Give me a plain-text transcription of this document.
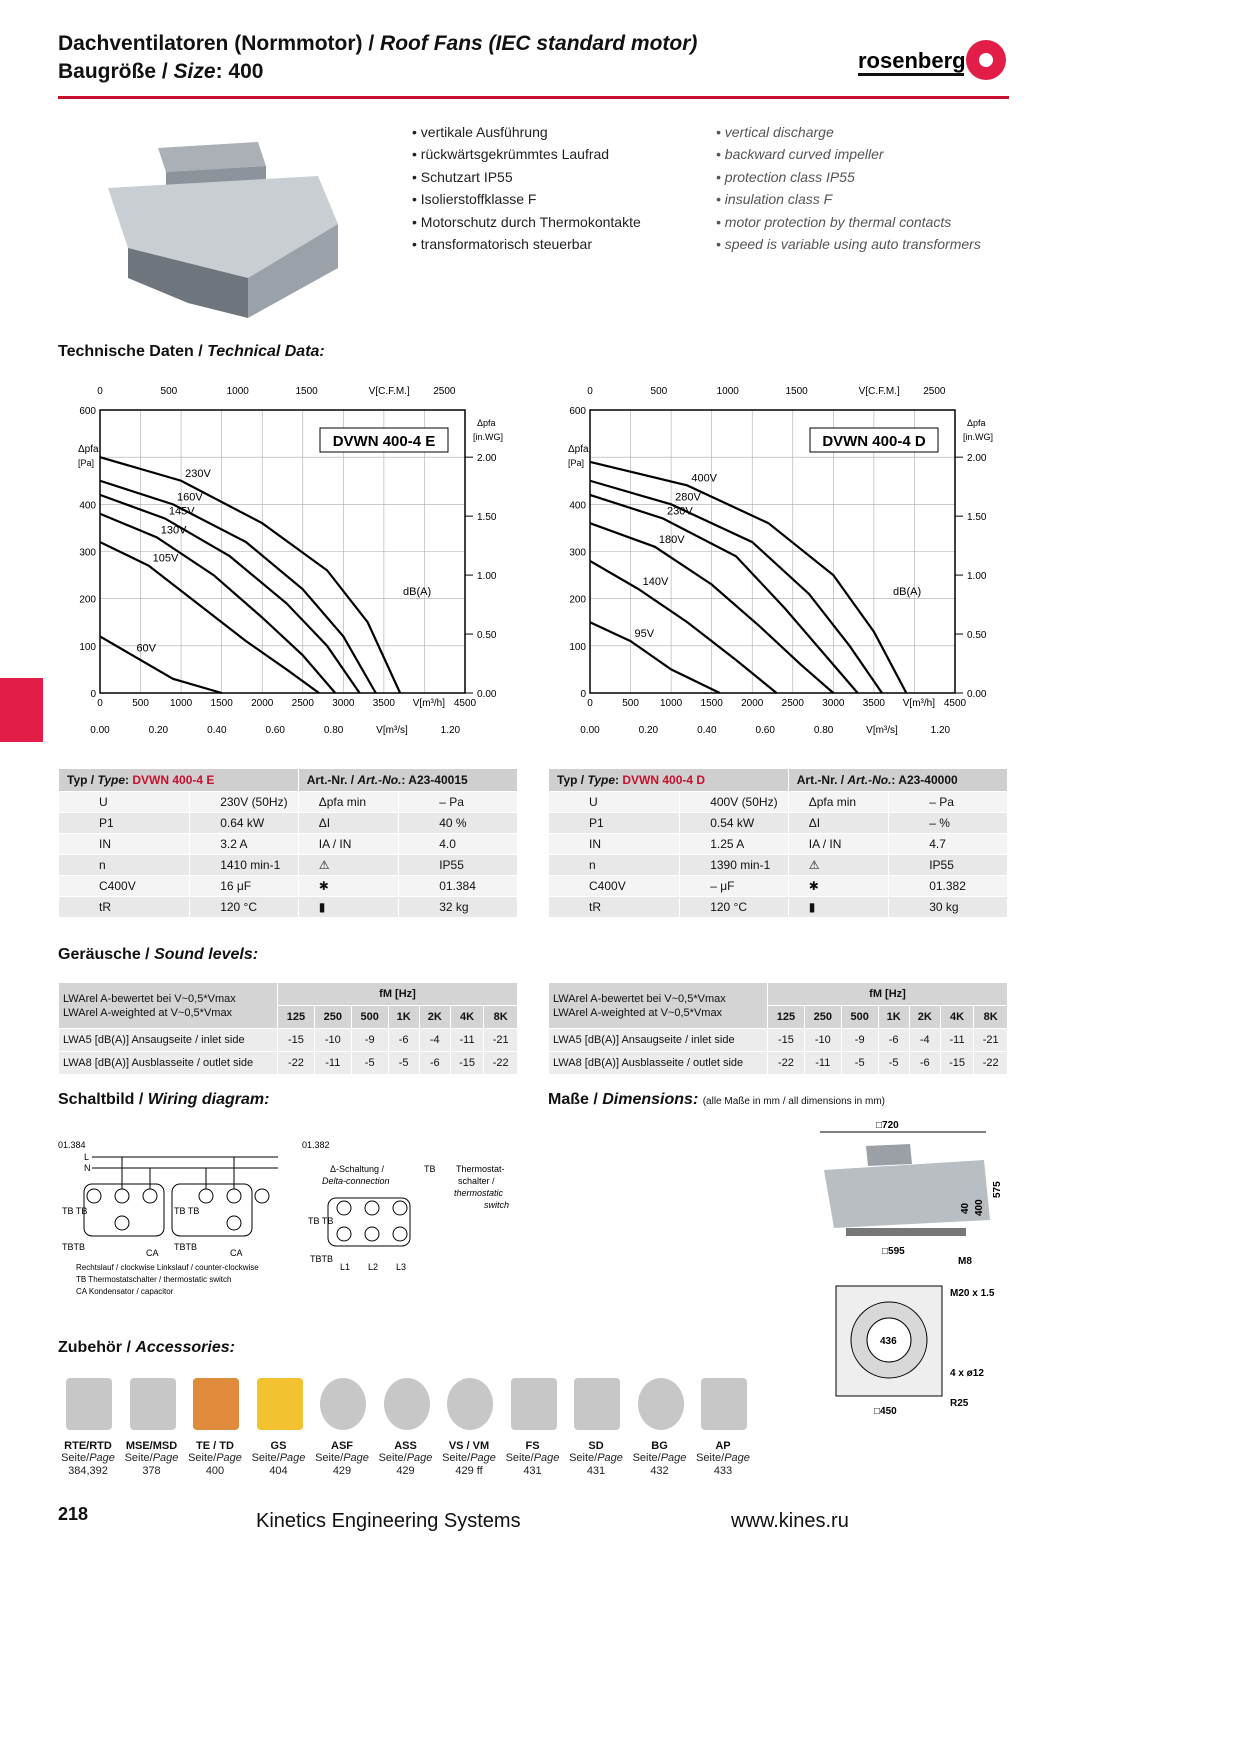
Dachventilatoren (Normmotor) / Roof Fans (IEC standard motor)
Baugröße / Size: 400	rosenberg
• vertikale Ausführung
• rückwärtsgekrümmtes Laufrad
• Schutzart IP55
• Isolierstoffklasse F
• Motorschutz durch Thermokontakte
• transformatorisch steuerbar
• vertical discharge
• backward curved impeller
• protection class IP55
• insulation class F
• motor protection by thermal contacts
• speed is variable using auto transformers
Technische Daten / Technical Data:
DVWN 400-4 E
0	500 1000 1500 2000 2500 3000 3500	4500
V[m³/h]
0	500	1000	1500	V[C.F.M.] 2500
0.00	0.20	0.40	0.60	0.80	V[m³/s]	1.20
0
100
200
300
400
600
Δpfa
[Pa]
0.00
0.50
1.00
1.50
2.00
Δpfa
[in.WG]
230V
160V
145V
130V
105V
60V
dB(A)
DVWN 400-4 D
0	500 1000 1500 2000 2500 3000 3500	4500
V[m³/h]
0	500	1000	1500	V[C.F.M.] 2500
0.00	0.20	0.40	0.60	0.80	V[m³/s]	1.20
0
100
200
300
400
600
Δpfa
[Pa]
0.00
0.50
1.00
1.50
2.00
Δpfa
[in.WG]
400V
280V
230V
180V
140V
95V
dB(A)
Typ / Type: DVWN 400-4 E		Art.-Nr. / Art.-No.: A23-40015	
U	230V (50Hz)	Δpfa min	– Pa
P1	0.64 kW	ΔI	40 %
IN	3.2 A	IA / IN	4.0
n	1410 min-1	⚠	IP55
C400V	16 μF	✱	01.384
tR	120 °C	▮	32 kg
Typ / Type: DVWN 400-4 D		Art.-Nr. / Art.-No.: A23-40000	
U	400V (50Hz)	Δpfa min	– Pa
P1	0.54 kW	ΔI	– %
IN	1.25 A	IA / IN	4.7
n	1390 min-1	⚠	IP55
C400V	– μF	✱	01.382
tR	120 °C	▮	30 kg
Geräusche / Sound levels:
LWArel A-bewertet bei V~0,5*Vmax
LWArel A-weighted at V~0,5*Vmax	fM [Hz]						
	125	250	500	1K	2K	4K	8K
LWA5 [dB(A)] Ansaugseite / inlet side	-15	-10	-9	-6	-4	-11	-21
LWA8 [dB(A)] Ausblasseite / outlet side	-22	-11	-5	-5	-6	-15	-22
LWArel A-bewertet bei V~0,5*Vmax
LWArel A-weighted at V~0,5*Vmax	fM [Hz]						
	125	250	500	1K	2K	4K	8K
LWA5 [dB(A)] Ansaugseite / inlet side	-15	-10	-9	-6	-4	-11	-21
LWA8 [dB(A)] Ausblasseite / outlet side	-22	-11	-5	-5	-6	-15	-22
Schaltbild / Wiring diagram:
01.384
L
N
TB TB	TB TB
TBTB	TBTB
CA	CA
Rechtslauf / clockwise Linkslauf / counter-clockwise
TB Thermostatschalter / thermostatic switch
CA Kondensator / capacitor
01.382
Δ-Schaltung /
Delta-connection
TB Thermostat-
schalter /
thermostatic
switch
TB TB
TBTB
L1 L2 L3
Maße / Dimensions: (alle Maße in mm / all dimensions in mm)
□720
□595
M8
40 400
575
436
M20 x 1.5
4 x ø12
R25
□450
Zubehör / Accessories:
RTE/RTD
Seite/Page
384,392
MSE/MSD
Seite/Page
378
TE / TD
Seite/Page
400
GS
Seite/Page
404
ASF
Seite/Page
429
ASS
Seite/Page
429
VS / VM
Seite/Page
429 ff
FS
Seite/Page
431
SD
Seite/Page
431
BG
Seite/Page
432
AP
Seite/Page
433
218	Kinetics Engineering Systems	www.kines.ru
